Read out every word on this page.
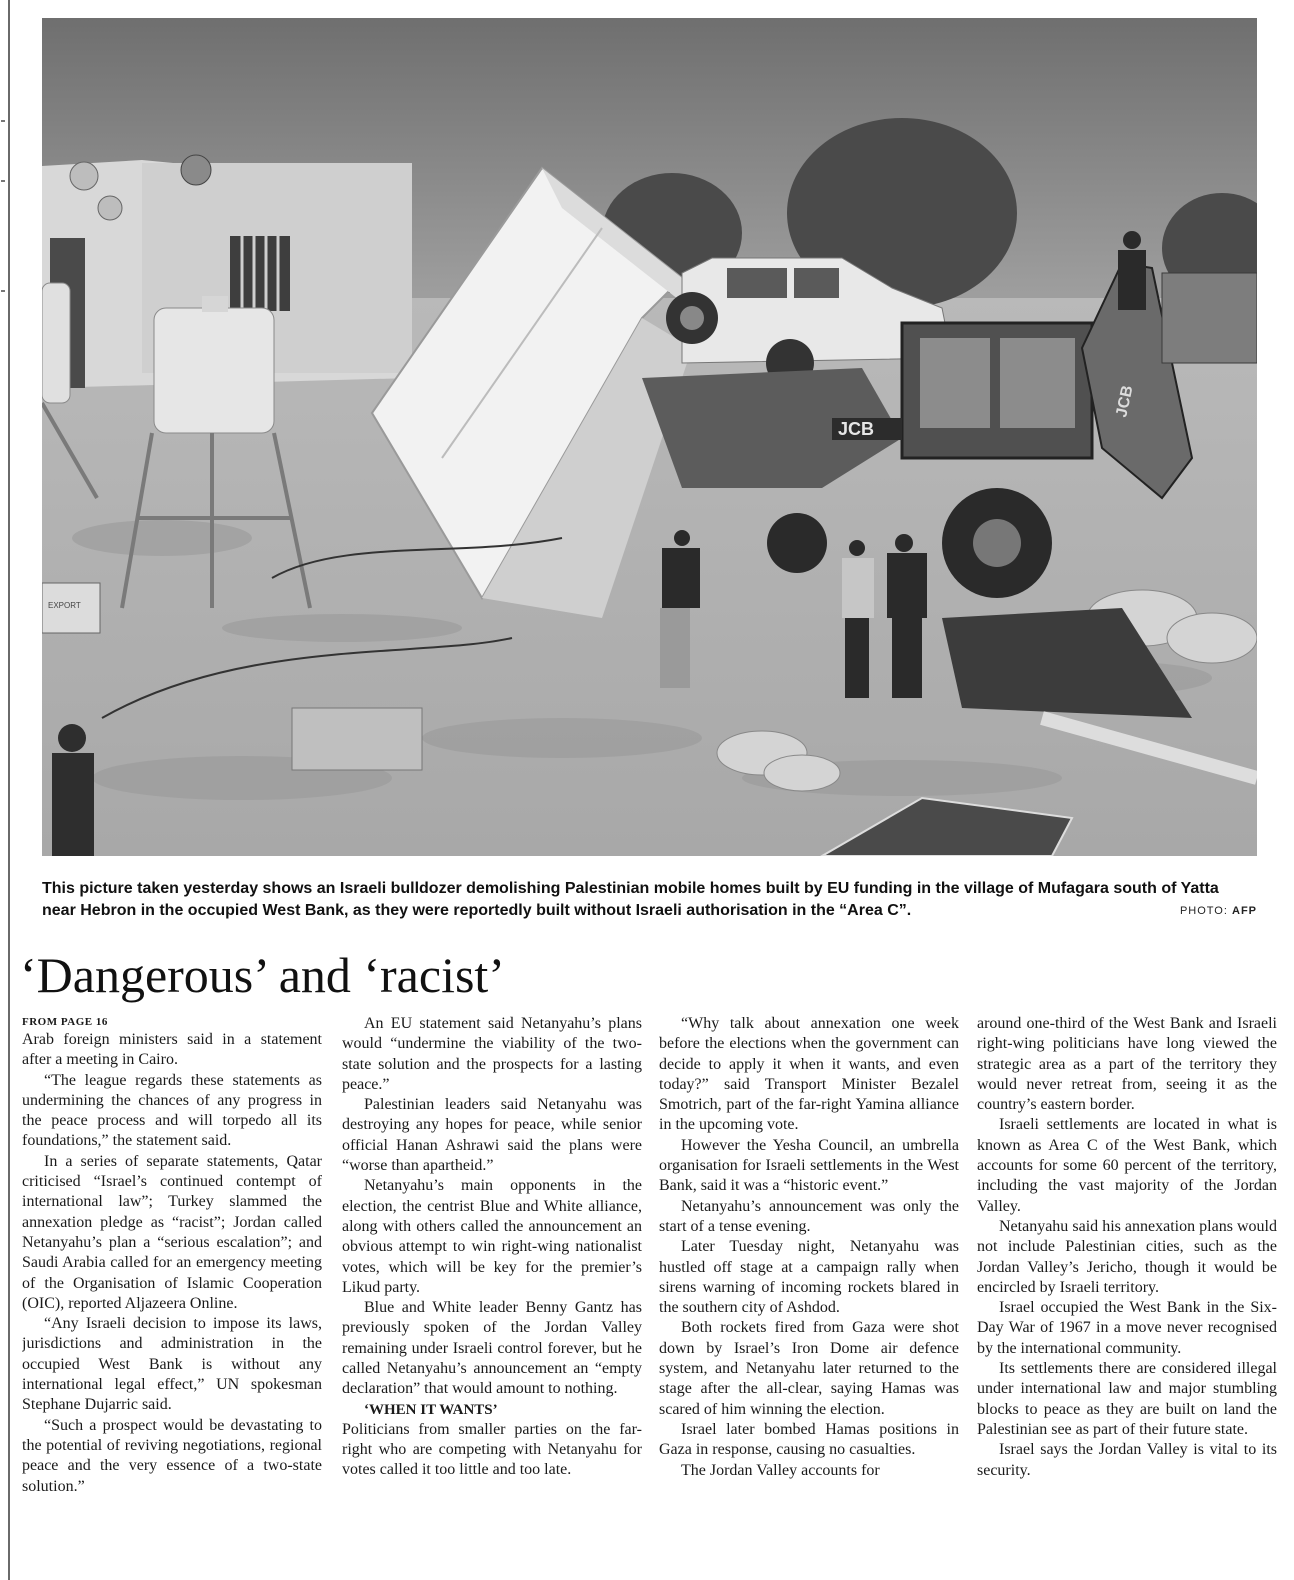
JCB
JCB
EXPORT
This picture taken yesterday shows an Israeli bulldozer demolishing Palestinian mobile homes built by EU funding in the village of Mufagara south of Yatta near Hebron in the occupied West Bank, as they were reportedly built without Israeli authorisation in the “Area C”.	PHOTO: AFP
‘Dangerous’ and ‘racist’
FROM PAGE 16

Arab foreign ministers said in a statement after a meeting in Cairo.

“The league regards these statements as undermining the chances of any progress in the peace process and will torpedo all its foundations,” the statement said.

In a series of separate statements, Qatar criticised “Israel’s continued contempt of international law”; Turkey slammed the annexation pledge as “racist”; Jordan called Netanyahu’s plan a “serious escalation”; and Saudi Arabia called for an emergency meeting of the Organisation of Islamic Cooperation (OIC), reported Aljazeera Online.

“Any Israeli decision to impose its laws, jurisdictions and administration in the occupied West Bank is without any international legal effect,” UN spokesman Stephane Dujarric said.

“Such a prospect would be devastating to the potential of reviving negotiations, regional peace and the very essence of a two-state solution.”

An EU statement said Netanyahu’s plans would “undermine the viability of the two-state solution and the prospects for a lasting peace.”

Palestinian leaders said Netanyahu was destroying any hopes for peace, while senior official Hanan Ashrawi said the plans were “worse than apartheid.”

Netanyahu’s main opponents in the election, the centrist Blue and White alliance, along with others called the announcement an obvious attempt to win right-wing nationalist votes, which will be key for the premier’s Likud party.

Blue and White leader Benny Gantz has previously spoken of the Jordan Valley remaining under Israeli control forever, but he called Netanyahu’s announcement an “empty declaration” that would amount to nothing.

‘WHEN IT WANTS’

Politicians from smaller parties on the far-right who are competing with Netanyahu for votes called it too little and too late.

“Why talk about annexation one week before the elections when the government can decide to apply it when it wants, and even today?” said Transport Minister Bezalel Smotrich, part of the far-right Yamina alliance in the upcoming vote.

However the Yesha Council, an umbrella organisation for Israeli settlements in the West Bank, said it was a “historic event.”

Netanyahu’s announcement was only the start of a tense evening.

Later Tuesday night, Netanyahu was hustled off stage at a campaign rally when sirens warning of incoming rockets blared in the southern city of Ashdod.

Both rockets fired from Gaza were shot down by Israel’s Iron Dome air defence system, and Netanyahu later returned to the stage after the all-clear, saying Hamas was scared of him winning the election.

Israel later bombed Hamas positions in Gaza in response, causing no casualties.

The Jordan Valley accounts for

around one-third of the West Bank and Israeli right-wing politicians have long viewed the strategic area as a part of the territory they would never retreat from, seeing it as the country’s eastern border.

Israeli settlements are located in what is known as Area C of the West Bank, which accounts for some 60 percent of the territory, including the vast majority of the Jordan Valley.

Netanyahu said his annexation plans would not include Palestinian cities, such as the Jordan Valley’s Jericho, though it would be encircled by Israeli territory.

Israel occupied the West Bank in the Six-Day War of 1967 in a move never recognised by the international community.

Its settlements there are considered illegal under international law and major stumbling blocks to peace as they are built on land the Palestinian see as part of their future state.

Israel says the Jordan Valley is vital to its security.
